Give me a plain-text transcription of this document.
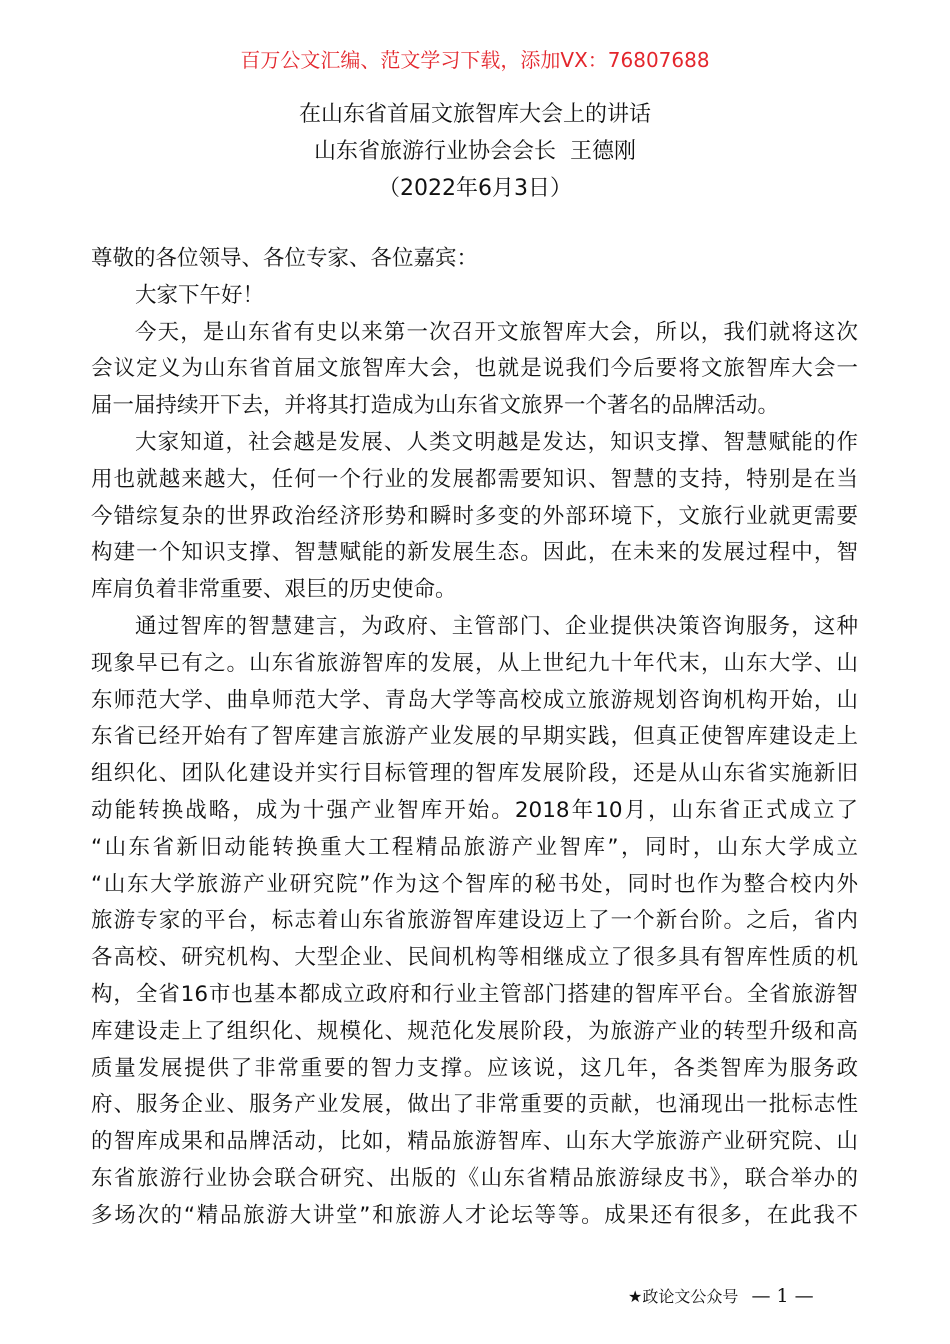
百万公文汇编、范文学习下载，添加VX：76807688
在山东省首届文旅智库大会上的讲话
山东省旅游行业协会会长  王德刚
（2022年6月3日）
尊敬的各位领导、各位专家、各位嘉宾：
大家下午好！
今天，是山东省有史以来第一次召开文旅智库大会，所以，我们就将这次
会议定义为山东省首届文旅智库大会，也就是说我们今后要将文旅智库大会一
届一届持续开下去，并将其打造成为山东省文旅界一个著名的品牌活动。
大家知道，社会越是发展、人类文明越是发达，知识支撑、智慧赋能的作
用也就越来越大，任何一个行业的发展都需要知识、智慧的支持，特别是在当
今错综复杂的世界政治经济形势和瞬时多变的外部环境下，文旅行业就更需要
构建一个知识支撑、智慧赋能的新发展生态。因此，在未来的发展过程中，智
库肩负着非常重要、艰巨的历史使命。
通过智库的智慧建言，为政府、主管部门、企业提供决策咨询服务，这种
现象早已有之。山东省旅游智库的发展，从上世纪九十年代末，山东大学、山
东师范大学、曲阜师范大学、青岛大学等高校成立旅游规划咨询机构开始，山
东省已经开始有了智库建言旅游产业发展的早期实践，但真正使智库建设走上
组织化、团队化建设并实行目标管理的智库发展阶段，还是从山东省实施新旧
动能转换战略，成为十强产业智库开始。2018年10月，山东省正式成立了
“山东省新旧动能转换重大工程精品旅游产业智库”，同时，山东大学成立
“山东大学旅游产业研究院”作为这个智库的秘书处，同时也作为整合校内外
旅游专家的平台，标志着山东省旅游智库建设迈上了一个新台阶。之后，省内
各高校、研究机构、大型企业、民间机构等相继成立了很多具有智库性质的机
构，全省16市也基本都成立政府和行业主管部门搭建的智库平台。全省旅游智
库建设走上了组织化、规模化、规范化发展阶段，为旅游产业的转型升级和高
质量发展提供了非常重要的智力支撑。应该说，这几年，各类智库为服务政
府、服务企业、服务产业发展，做出了非常重要的贡献，也涌现出一批标志性
的智库成果和品牌活动，比如，精品旅游智库、山东大学旅游产业研究院、山
东省旅游行业协会联合研究、出版的《山东省精品旅游绿皮书》，联合举办的
多场次的“精品旅游大讲堂”和旅游人才论坛等等。成果还有很多，在此我不
★政论文公众号 — 1 —
